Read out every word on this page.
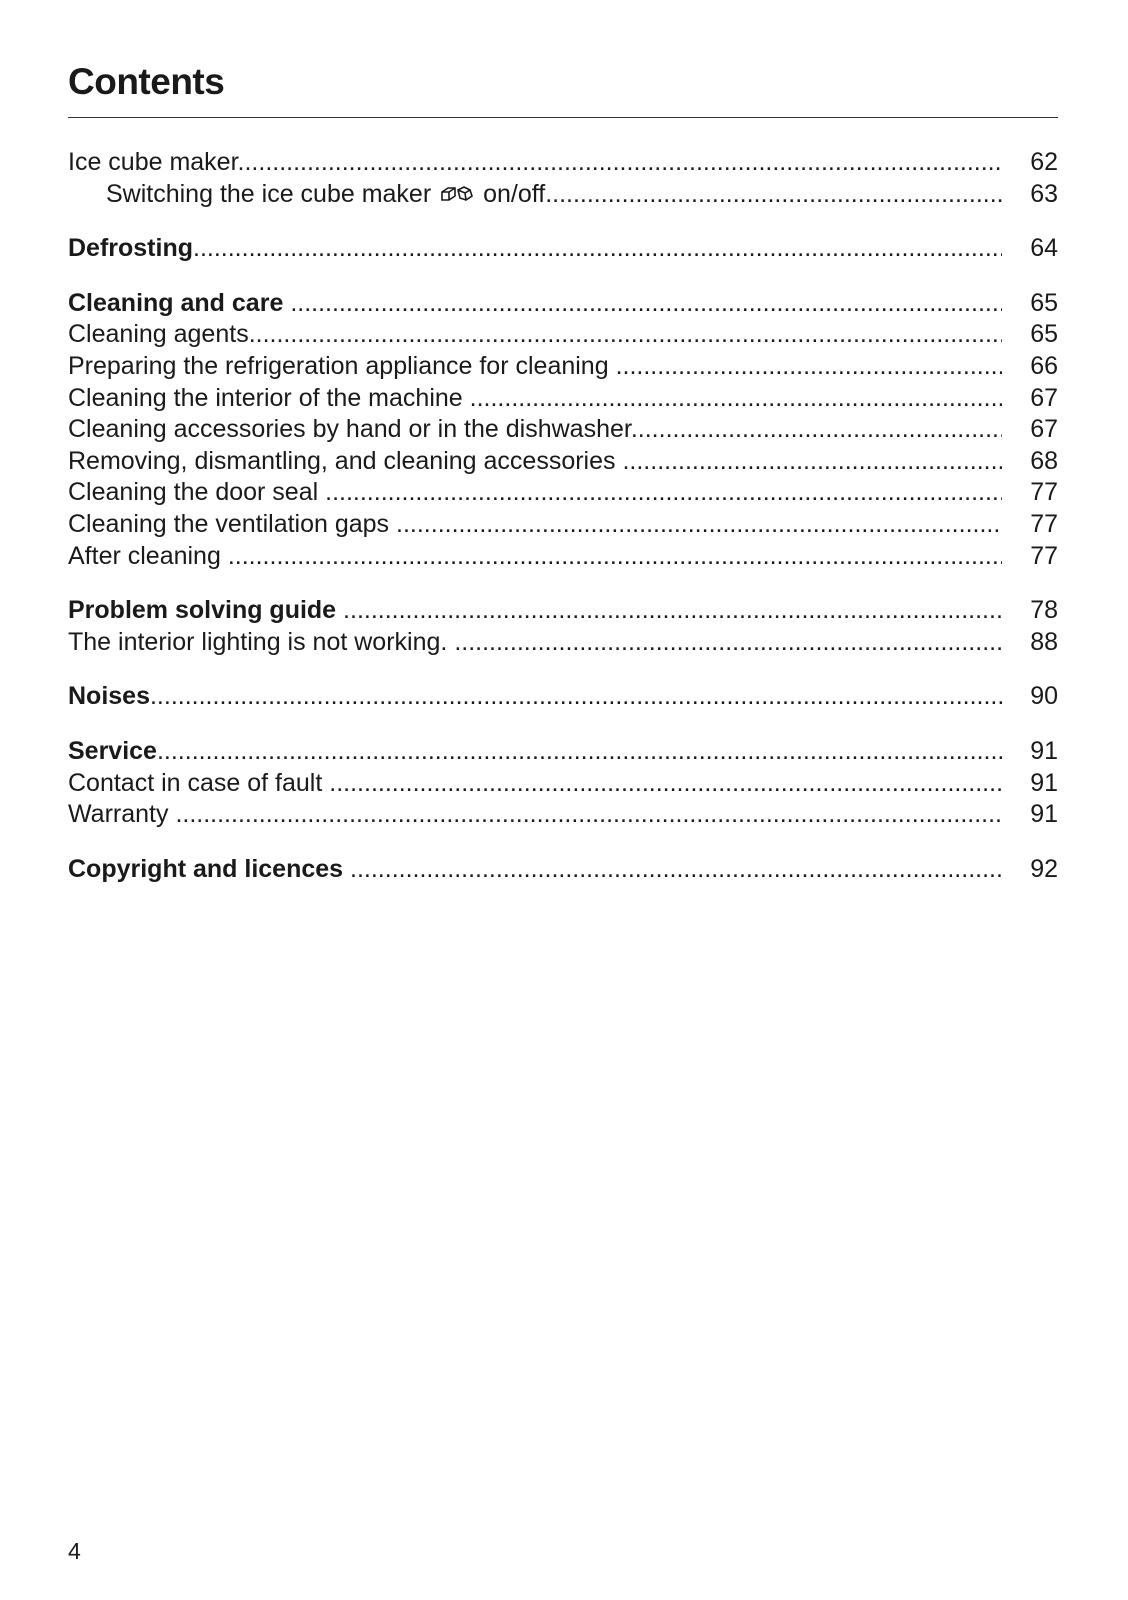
Contents
Ice cube maker .....	62
Switching the ice cube maker on/off .....	63
Defrosting .....	64
Cleaning and care .....	65
Cleaning agents .....	65
Preparing the refrigeration appliance for cleaning .....	66
Cleaning the interior of the machine .....	67
Cleaning accessories by hand or in the dishwasher .....	67
Removing, dismantling, and cleaning accessories .....	68
Cleaning the door seal .....	77
Cleaning the ventilation gaps .....	77
After cleaning .....	77
Problem solving guide .....	78
The interior lighting is not working. .....	88
Noises .....	90
Service .....	91
Contact in case of fault .....	91
Warranty .....	91
Copyright and licences .....	92
4
